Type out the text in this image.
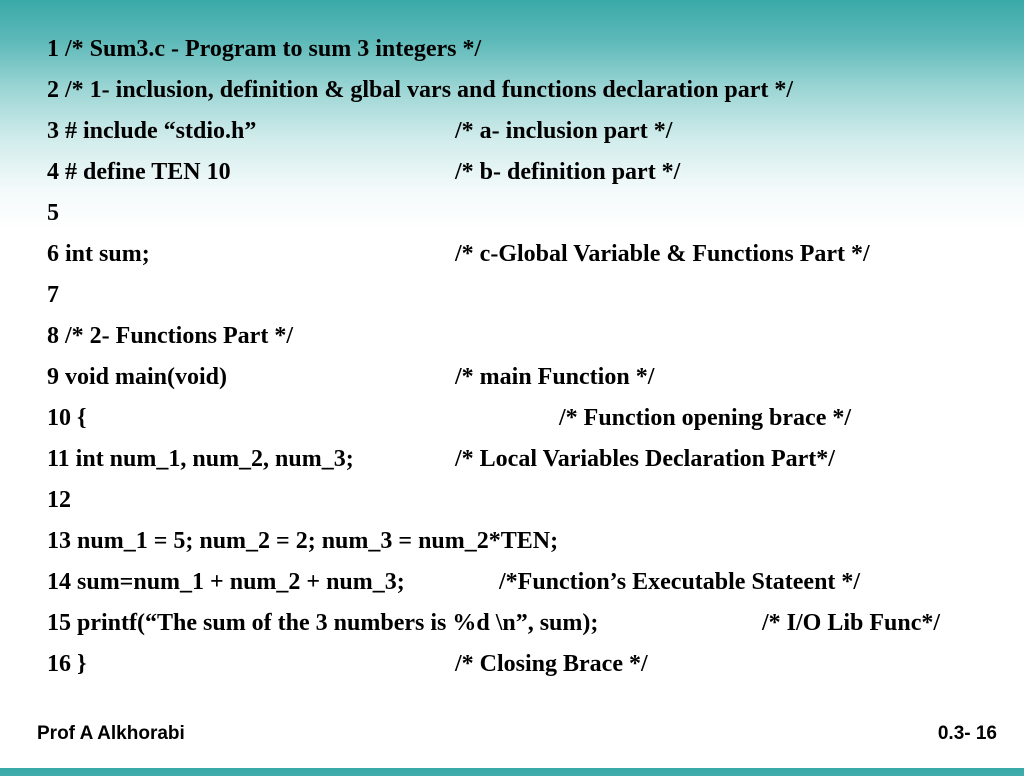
1 /* Sum3.c - Program to sum 3 integers */

2 /* 1- inclusion, definition & glbal vars and functions declaration part */

3 # include “stdio.h”

	/* a- inclusion part */

4 # define TEN 10

	/* b- definition part */

5

6 int sum;

	/* c-Global Variable & Functions Part */

7

8 /* 2- Functions Part */

9 void main(void)

	/* main Function */

10 {

	/* Function opening brace */

11 int num_1, num_2, num_3;

	/* Local Variables Declaration Part*/

12

13 num_1 = 5; num_2 = 2; num_3 = num_2*TEN;

14 sum=num_1 + num_2 + num_3;

	/*Function’s Executable Stateent */

15 printf(“The sum of the 3 numbers is %d \n”, sum);

	/* I/O Lib Func*/

16 }

	/* Closing Brace */

Prof A Alkhorabi	0.3- 16
